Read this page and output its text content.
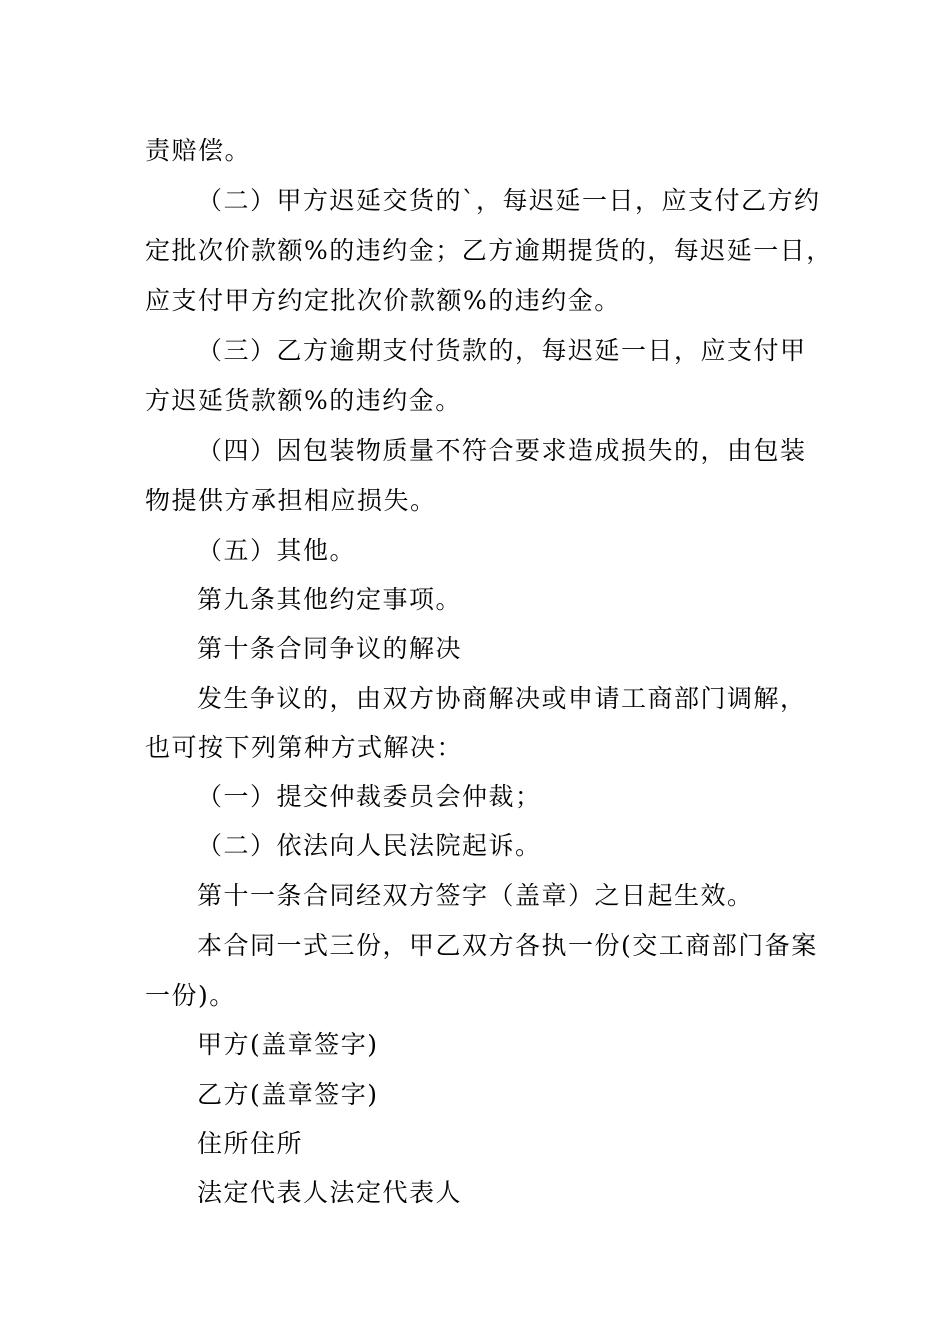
责赔偿。

（二）甲方迟延交货的`，每迟延一日，应支付乙方约

定批次价款额%的违约金；乙方逾期提货的，每迟延一日，

应支付甲方约定批次价款额%的违约金。

（三）乙方逾期支付货款的，每迟延一日，应支付甲

方迟延货款额%的违约金。

（四）因包装物质量不符合要求造成损失的，由包装

物提供方承担相应损失。

（五）其他。

第九条其他约定事项。

第十条合同争议的解决

发生争议的，由双方协商解决或申请工商部门调解，

也可按下列第种方式解决：

（一）提交仲裁委员会仲裁；

（二）依法向人民法院起诉。

第十一条合同经双方签字（盖章）之日起生效。

本合同一式三份，甲乙双方各执一份(交工商部门备案

一份)。

甲方(盖章签字)

乙方(盖章签字)

住所住所

法定代表人法定代表人
